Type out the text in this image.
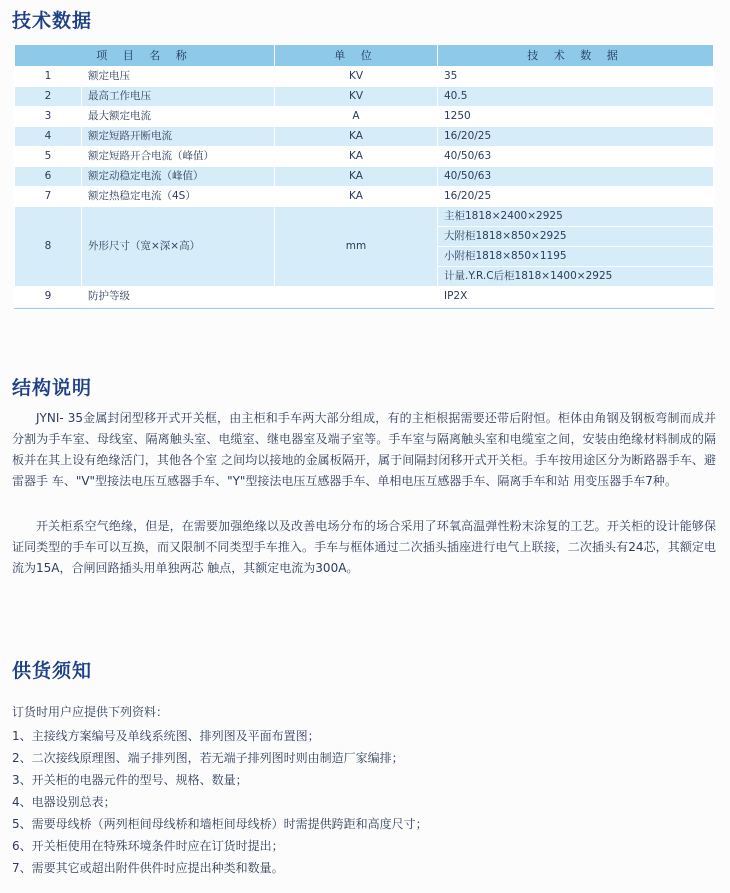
技术数据
项 目 名 称		单 位	技 术 数 据
1	额定电压	KV	35
2	最高工作电压	KV	40.5
3	最大额定电流	A	1250
4	额定短路开断电流	KA	16/20/25
5	额定短路开合电流（峰值）	KA	40/50/63
6	额定动稳定电流（峰值）	KA	40/50/63
7	额定热稳定电流（4S）	KA	16/20/25
8	外形尺寸（宽×深×高）	mm	主柜1818×2400×2925
			大附柜1818×850×2925
			小附柜1818×850×1195
			计量.Y.R.C后柜1818×1400×2925
9	防护等级		IP2X
结构说明

JYNI- 35金属封闭型移开式开关框，由主柜和手车两大部分组成，有的主柜根据需要还带后附恒。柜体由角钢及钢板弯制而成并分割为手车室、母线室、隔离触头室、电缆室、继电器室及端子室等。手车室与隔离触头室和电缆室之间，安装由绝缘材料制成的隔板并在其上设有绝缘活门，其他各个室 之间均以接地的金属板隔开，属于间隔封闭移开式开关柜。手车按用途区分为断路器手车、避雷器手 车、"V"型接法电压互感器手车、"Y"型接法电压互感器手车、单相电压互感器手车、隔离手车和站 用变压器手车7种。

开关柜系空气绝缘，但是，在需要加强绝缘以及改善电场分布的场合采用了环氧高温弹性粉末涂复的工艺。开关柜的设计能够保证同类型的手车可以互换，而又限制不同类型手车推入。手车与框体通过二次插头插座进行电气上联接，二次插头有24芯，其额定电流为15A，合闸回路插头用单独两芯 触点，其额定电流为300A。

供货须知

订货时用户应提供下列资料：

1、主接线方案编号及单线系统图、排列图及平面布置图；
2、二次接线原理图、端子排列图，若无端子排列图时则由制造厂家编排；
3、开关柜的电器元件的型号、规格、数量；
4、电器设别总表；
5、需要母线桥（两列柜间母线桥和墙柜间母线桥）时需提供跨距和高度尺寸；
6、开关柜使用在特殊环境条件时应在订货时提出；
7、需要其它或超出附件供件时应提出种类和数量。
